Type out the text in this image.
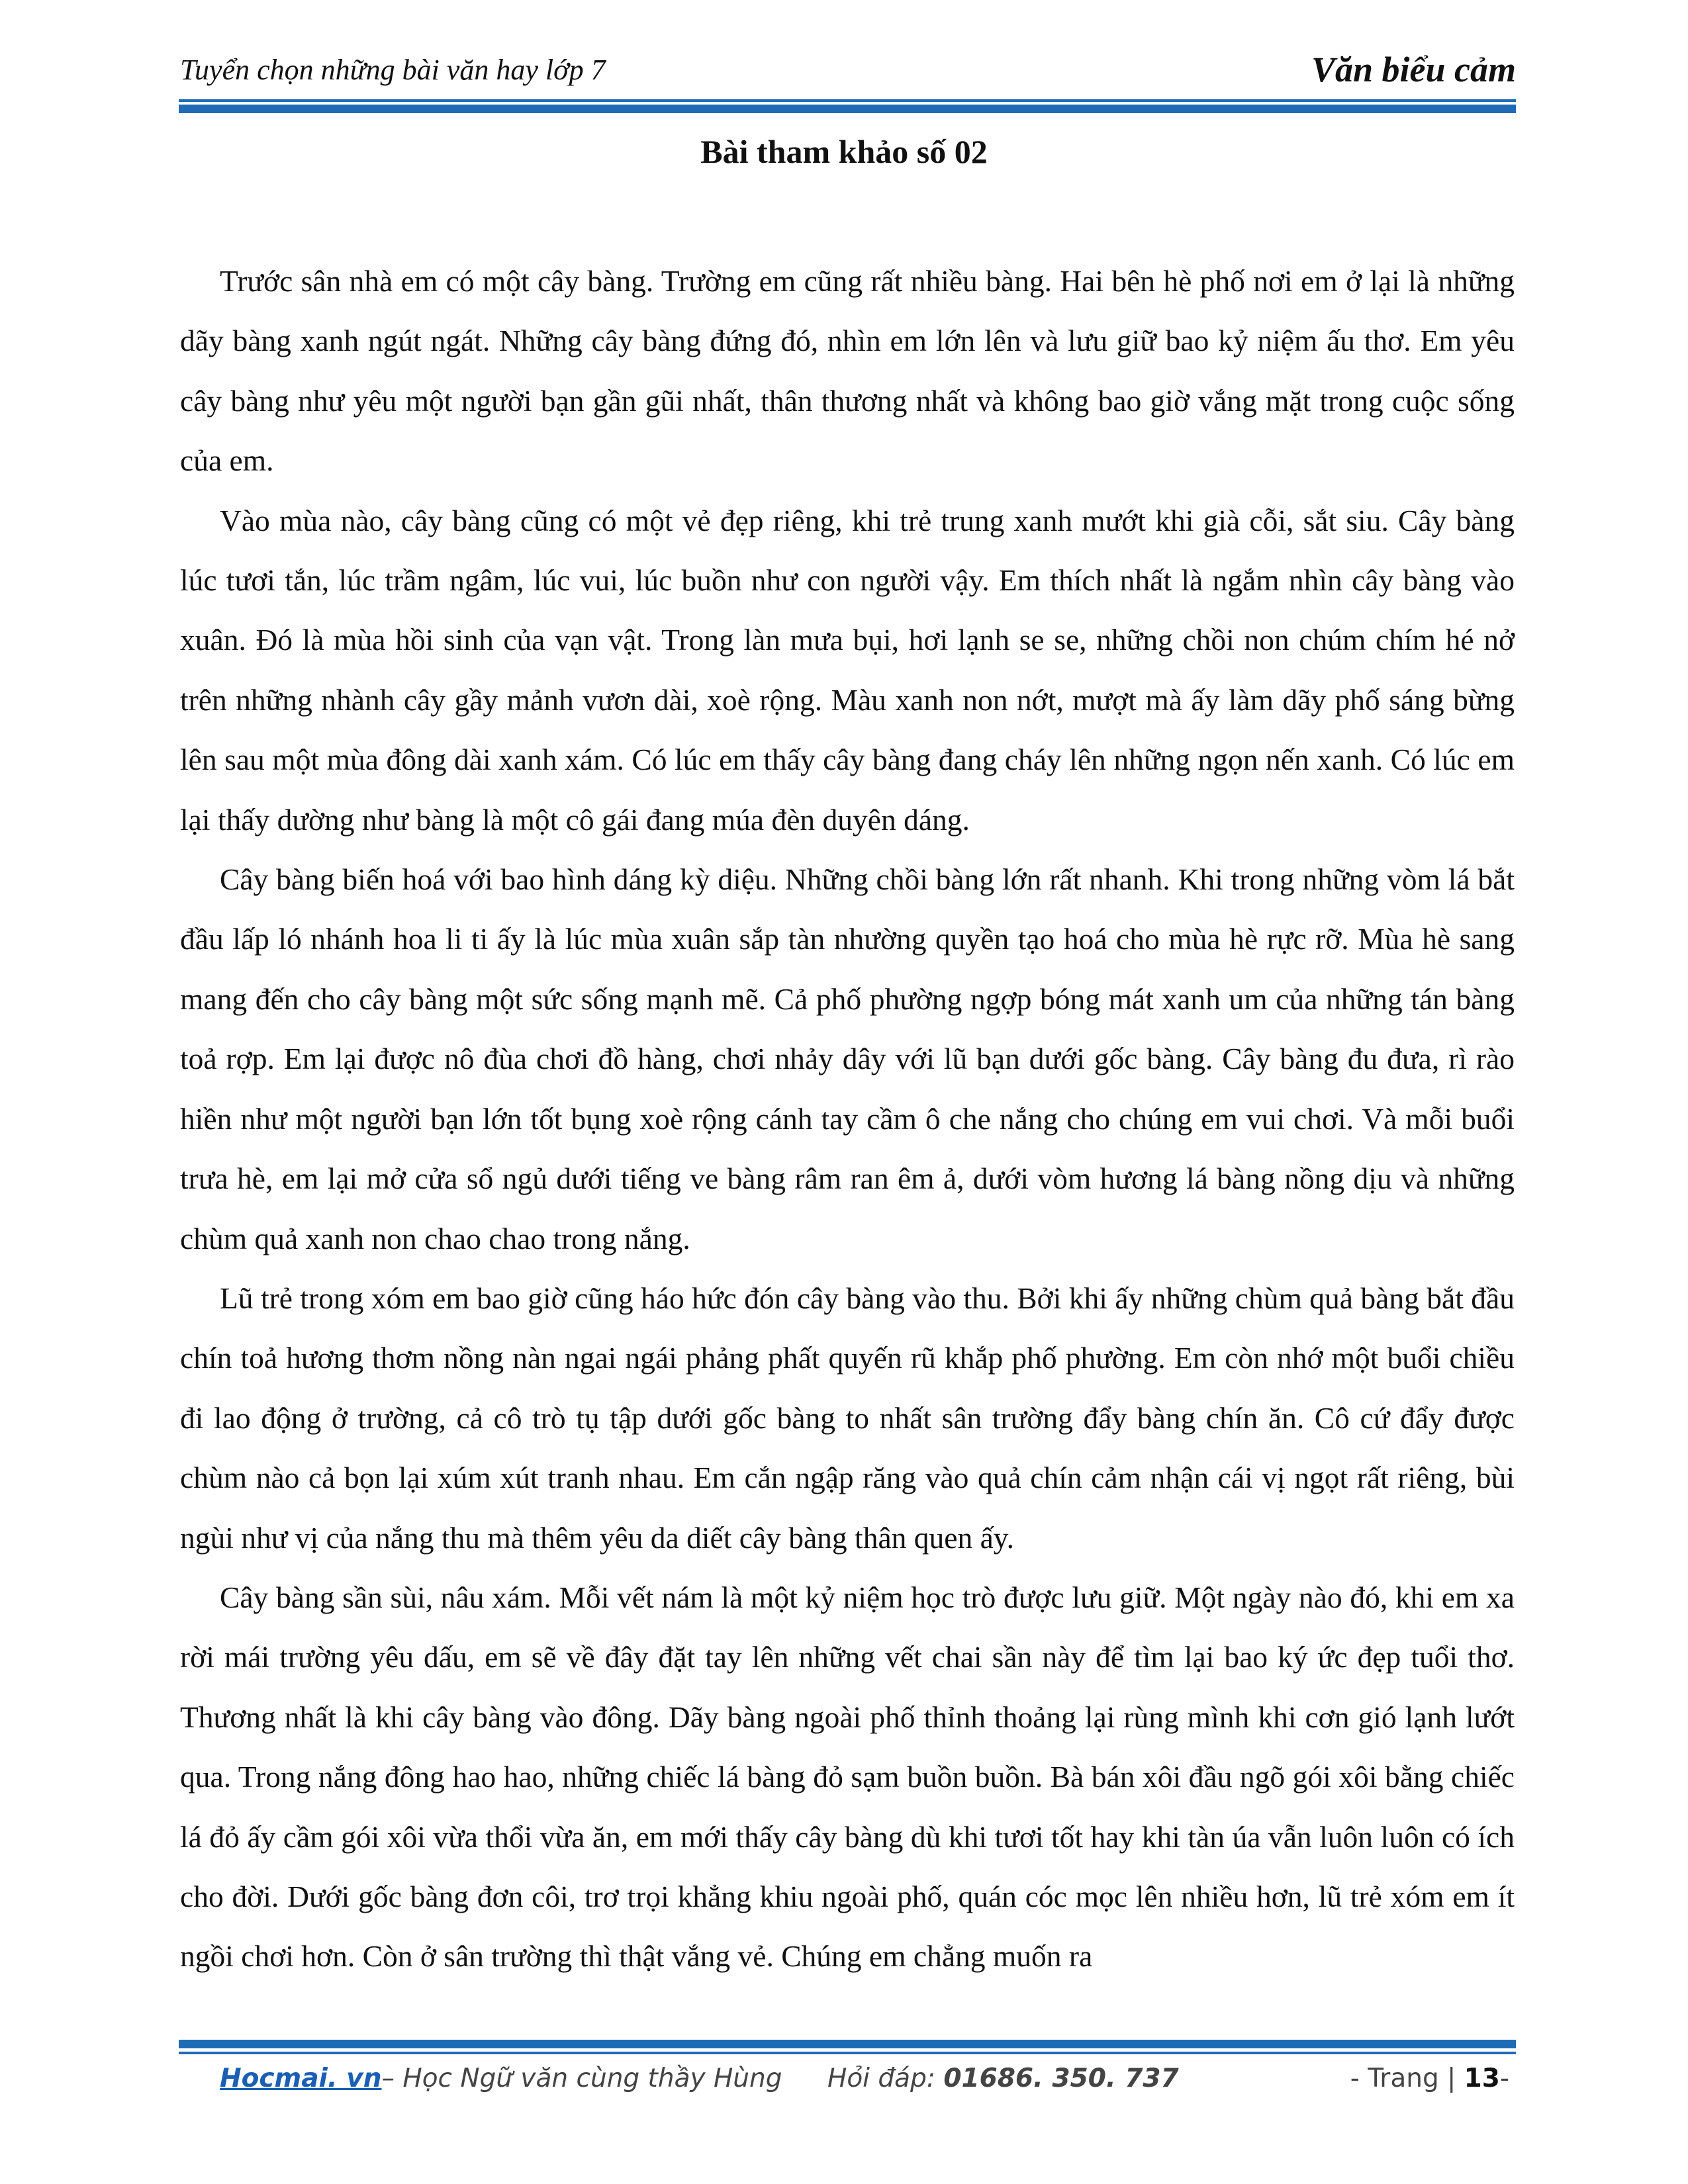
Tuyển chọn những bài văn hay lớp 7	Văn biểu cảm
Bài tham khảo số 02

Trước sân nhà em có một cây bàng. Trường em cũng rất nhiều bàng. Hai bên hè phố nơi em ở lại là những dãy bàng xanh ngút ngát. Những cây bàng đứng đó, nhìn em lớn lên và lưu giữ bao kỷ niệm ấu thơ. Em yêu cây bàng như yêu một người bạn gần gũi nhất, thân thương nhất và không bao giờ vắng mặt trong cuộc sống của em.

Vào mùa nào, cây bàng cũng có một vẻ đẹp riêng, khi trẻ trung xanh mướt khi già cỗi, sắt siu. Cây bàng lúc tươi tắn, lúc trầm ngâm, lúc vui, lúc buồn như con người vậy. Em thích nhất là ngắm nhìn cây bàng vào xuân. Đó là mùa hồi sinh của vạn vật. Trong làn mưa bụi, hơi lạnh se se, những chồi non chúm chím hé nở trên những nhành cây gầy mảnh vươn dài, xoè rộng. Màu xanh non nớt, mượt mà ấy làm dãy phố sáng bừng lên sau một mùa đông dài xanh xám. Có lúc em thấy cây bàng đang cháy lên những ngọn nến xanh. Có lúc em lại thấy dường như bàng là một cô gái đang múa đèn duyên dáng.

Cây bàng biến hoá với bao hình dáng kỳ diệu. Những chồi bàng lớn rất nhanh. Khi trong những vòm lá bắt đầu lấp ló nhánh hoa li ti ấy là lúc mùa xuân sắp tàn nhường quyền tạo hoá cho mùa hè rực rỡ. Mùa hè sang mang đến cho cây bàng một sức sống mạnh mẽ. Cả phố phường ngợp bóng mát xanh um của những tán bàng toả rợp. Em lại được nô đùa chơi đồ hàng, chơi nhảy dây với lũ bạn dưới gốc bàng. Cây bàng đu đưa, rì rào hiền như một người bạn lớn tốt bụng xoè rộng cánh tay cầm ô che nắng cho chúng em vui chơi. Và mỗi buổi trưa hè, em lại mở cửa sổ ngủ dưới tiếng ve bàng râm ran êm ả, dưới vòm hương lá bàng nồng dịu và những chùm quả xanh non chao chao trong nắng.

Lũ trẻ trong xóm em bao giờ cũng háo hức đón cây bàng vào thu. Bởi khi ấy những chùm quả bàng bắt đầu chín toả hương thơm nồng nàn ngai ngái phảng phất quyến rũ khắp phố phường. Em còn nhớ một buổi chiều đi lao động ở trường, cả cô trò tụ tập dưới gốc bàng to nhất sân trường đẩy bàng chín ăn. Cô cứ đẩy được chùm nào cả bọn lại xúm xút tranh nhau. Em cắn ngập răng vào quả chín cảm nhận cái vị ngọt rất riêng, bùi ngùi như vị của nắng thu mà thêm yêu da diết cây bàng thân quen ấy.

Cây bàng sần sùi, nâu xám. Mỗi vết nám là một kỷ niệm học trò được lưu giữ. Một ngày nào đó, khi em xa rời mái trường yêu dấu, em sẽ về đây đặt tay lên những vết chai sần này để tìm lại bao ký ức đẹp tuổi thơ. Thương nhất là khi cây bàng vào đông. Dãy bàng ngoài phố thỉnh thoảng lại rùng mình khi cơn gió lạnh lướt qua. Trong nắng đông hao hao, những chiếc lá bàng đỏ sạm buồn buồn. Bà bán xôi đầu ngõ gói xôi bằng chiếc lá đỏ ấy cầm gói xôi vừa thổi vừa ăn, em mới thấy cây bàng dù khi tươi tốt hay khi tàn úa vẫn luôn luôn có ích cho đời. Dưới gốc bàng đơn côi, trơ trọi khẳng khiu ngoài phố, quán cóc mọc lên nhiều hơn, lũ trẻ xóm em ít ngồi chơi hơn. Còn ở sân trường thì thật vắng vẻ. Chúng em chẳng muốn ra

Hocmai. vn– Học Ngữ văn cùng thầy Hùng Hỏi đáp: 01686. 350. 737	- Trang | 13-
